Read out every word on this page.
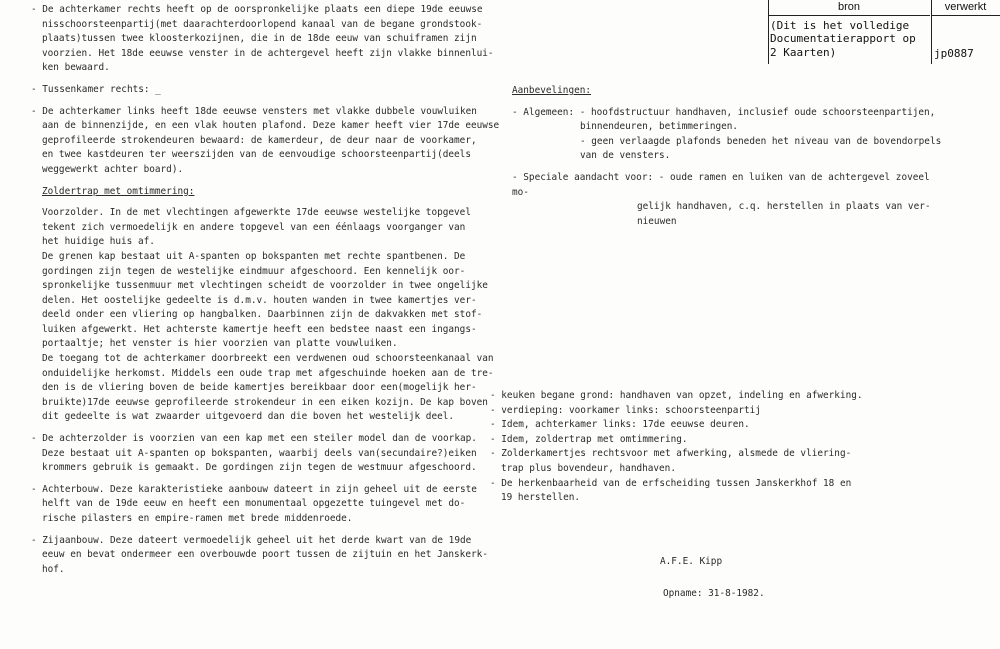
bron	verwerkt
(Dit is het volledige
Documentatierapport op
2 Kaarten)	jp0887

- De achterkamer rechts heeft op de oorspronkelijke plaats een diepe 19de eeuwse

nisschoorsteenpartij(met daarachterdoorlopend kanaal van de begane grondstook-

plaats)tussen twee kloosterkozijnen, die in de 18de eeuw van schuiframen zijn

voorzien. Het 18de eeuwse venster in de achtergevel heeft zijn vlakke binnenlui-

ken bewaard.

- Tussenkamer rechts: _

- De achterkamer links heeft 18de eeuwse vensters met vlakke dubbele vouwluiken

aan de binnenzijde, en een vlak houten plafond. Deze kamer heeft vier 17de eeuwse

geprofileerde strokendeuren bewaard: de kamerdeur, de deur naar de voorkamer,

en twee kastdeuren ter weerszijden van de eenvoudige schoorsteenpartij(deels

weggewerkt achter board).

Zoldertrap met omtimmering:

Voorzolder. In de met vlechtingen afgewerkte 17de eeuwse westelijke topgevel

tekent zich vermoedelijk en andere topgevel van een éénlaags voorganger van

het huidige huis af.

De grenen kap bestaat uit A-spanten op bokspanten met rechte spantbenen. De

gordingen zijn tegen de westelijke eindmuur afgeschoord. Een kennelijk oor-

spronkelijke tussenmuur met vlechtingen scheidt de voorzolder in twee ongelijke

delen. Het oostelijke gedeelte is d.m.v. houten wanden in twee kamertjes ver-

deeld onder een vliering op hangbalken. Daarbinnen zijn de dakvakken met stof-

luiken afgewerkt. Het achterste kamertje heeft een bedstee naast een ingangs-

portaaltje; het venster is hier voorzien van platte vouwluiken.

De toegang tot de achterkamer doorbreekt een verdwenen oud schoorsteenkanaal van

onduidelijke herkomst. Middels een oude trap met afgeschuinde hoeken aan de tre-

den is de vliering boven de beide kamertjes bereikbaar door een(mogelijk her-

bruikte)17de eeuwse geprofileerde strokendeur in een eiken kozijn. De kap boven

dit gedeelte is wat zwaarder uitgevoerd dan die boven het westelijk deel.

- De achterzolder is voorzien van een kap met een steiler model dan de voorkap.

Deze bestaat uit A-spanten op bokspanten, waarbij deels van(secundaire?)eiken

krommers gebruik is gemaakt. De gordingen zijn tegen de westmuur afgeschoord.

- Achterbouw. Deze karakteristieke aanbouw dateert in zijn geheel uit de eerste

helft van de 19de eeuw en heeft een monumentaal opgezette tuingevel met do-

rische pilasters en empire-ramen met brede middenroede.

- Zijaanbouw. Deze dateert vermoedelijk geheel uit het derde kwart van de 19de

eeuw en bevat ondermeer een overbouwde poort tussen de zijtuin en het Janskerk-

hof.

Aanbevelingen:

- Algemeen: - hoofdstructuur handhaven, inclusief oude schoorsteenpartijen,

binnendeuren, betimmeringen.

- geen verlaagde plafonds beneden het niveau van de bovendorpels

van de vensters.

- Speciale aandacht voor: - oude ramen en luiken van de achtergevel zoveel mo-

gelijk handhaven, c.q. herstellen in plaats van ver-

nieuwen

- keuken begane grond: handhaven van opzet, indeling en afwerking.

- verdieping: voorkamer links: schoorsteenpartij

- Idem, achterkamer links: 17de eeuwse deuren.

- Idem, zoldertrap met omtimmering.

- Zolderkamertjes rechtsvoor met afwerking, alsmede de vliering-

trap plus bovendeur, handhaven.

- De herkenbaarheid van de erfscheiding tussen Janskerkhof 18 en

19 herstellen.

A.F.E. Kipp
Opname: 31-8-1982.
